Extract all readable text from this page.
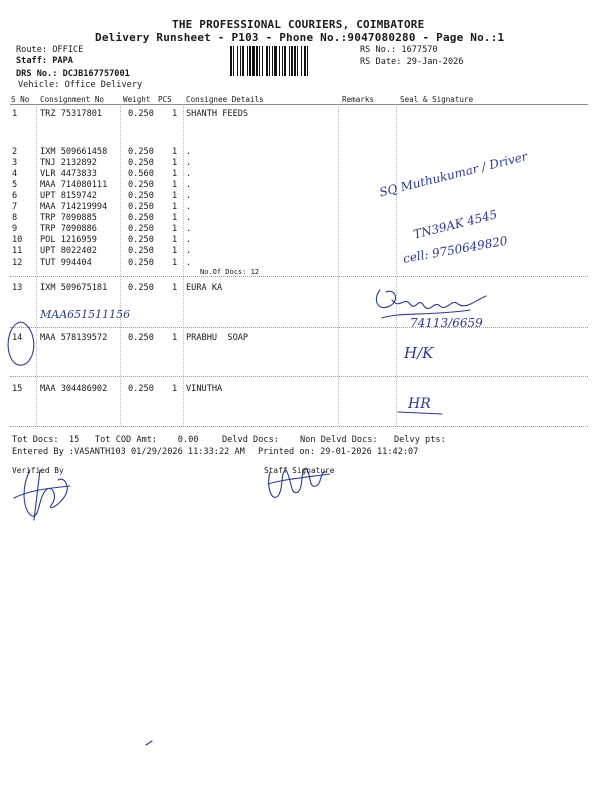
THE PROFESSIONAL COURIERS, COIMBATORE
Delivery Runsheet - P103 - Phone No.:9047080280 - Page No.:1
Route: OFFICE
Staff: PAPA
DRS No.: DCJB167757001
Vehicle: Office Delivery
RS No.: 1677570
RS Date: 29-Jan-2026
S No Consignment No Weight PCS Consignee Details	Remarks	Seal & Signature
1	TRZ 75317801	0.250 1 SHANTH FEEDS
2	IXM 509661458 0.250 1 .
3	TNJ 2132892	0.250 1 .
4	VLR 4473833	0.560 1 .
5	MAA 714080111 0.250 1 .
6	UPT 8159742	0.250 1 .
7	MAA 714219994 0.250 1 .
8	TRP 7090885	0.250 1 .
9	TRP 7090886	0.250 1 .
10 POL 1216959	0.250 1 .
11 UPT 8022402	0.250 1 .
12 TUT 994404	0.250 1 .
13 IXM 509675181 0.250 1 EURA KA
14 MAA 578139572 0.250 1 PRABHU  SOAP
15 MAA 304486902 0.250 1 VINUTHA
No.Of Docs: 12
SQ Muthukumar / Driver
TN39AK 4545
cell: 9750649820
MAA651511156
74113/6659
H/K
HR
Tot Docs:  15 Tot COD Amt:    0.00	Delvd Docs: Non Delvd Docs: Delvy pts:
Entered By :VASANTH103 01/29/2026 11:33:22 AM Printed on: 29-01-2026 11:42:07
Verified By	Staff Signature
